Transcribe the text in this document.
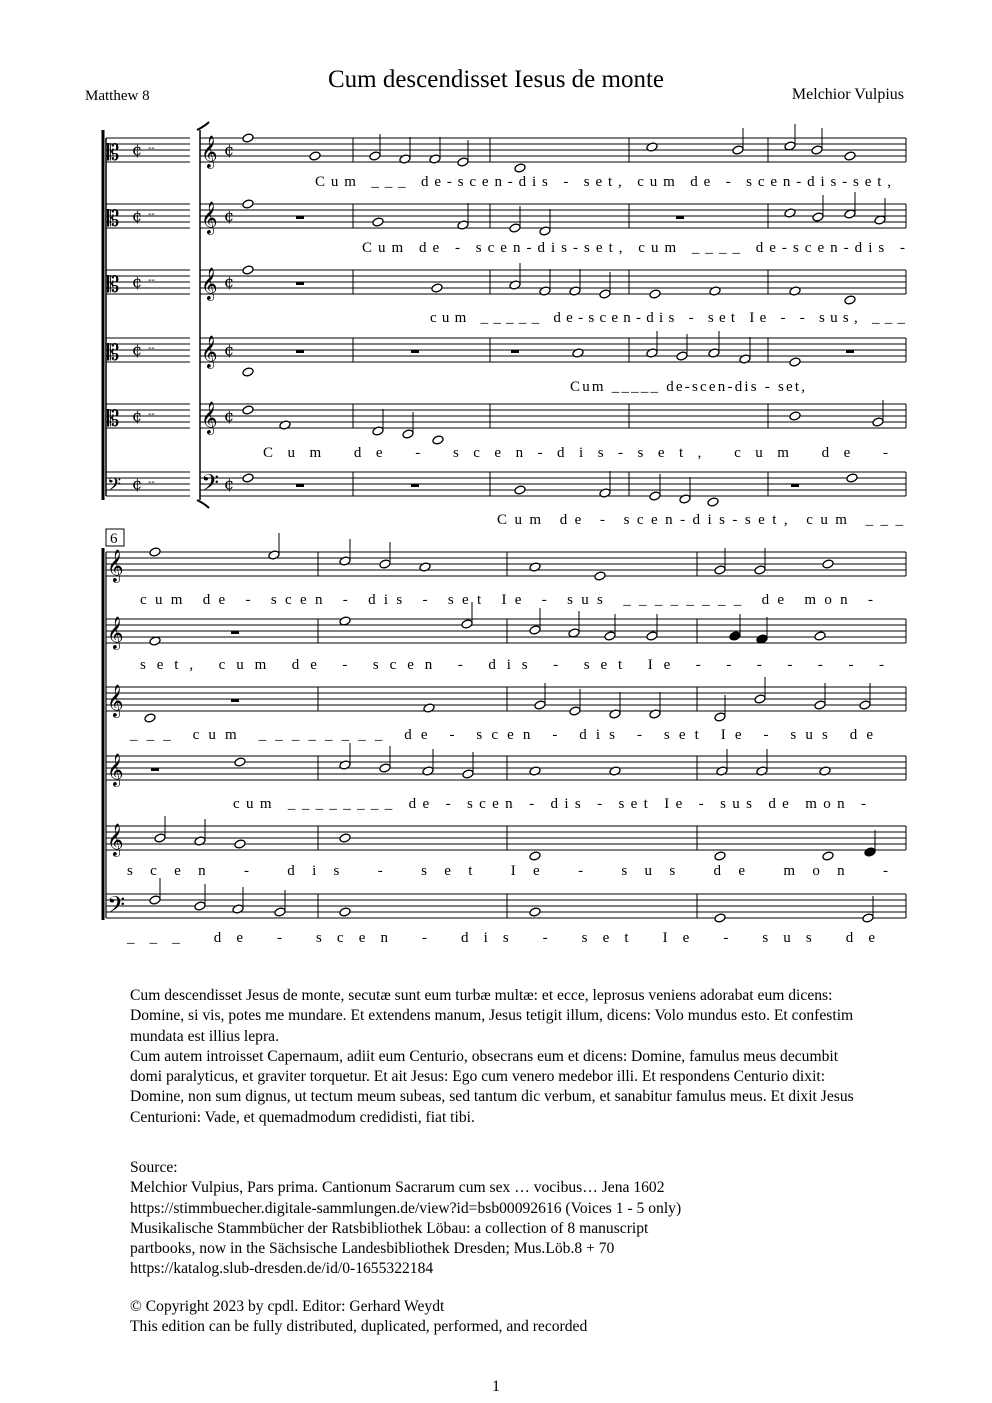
Cum descendisset Iesus de monte
Matthew 8	Melchior Vulpius
𝄡 ¢ ‐‐ 𝄞 ¢
𝄡 ¢ ‐‐ 𝄞 ¢
𝄡 ¢ ‐‐ 𝄞 ¢
𝄡 ¢ ‐‐ 𝄞 ¢
𝄡 ¢ ‐‐ 𝄞 ¢
𝄢 ¢ ‐‐ 𝄢 ¢
𝄞
𝄞
𝄞
𝄞
𝄞
𝄢
Cum ___ de-scen-dis - set, cum de - scen-dis-set,
Cum de - scen-dis-set, cum ____ de-scen-dis -
cum _____ de-scen-dis - set Ie - - sus, ___
Cum _____ de-scen-dis - set,
Cum de - scen-dis-set, cum de -
Cum de - scen-dis-set, cum ___
cum de - scen - dis - set Ie - sus ________ de mon -
set, cum de - scen - dis - set Ie - - - - - - -
___ cum ________ de - scen - dis - set Ie - sus de
cum ________ de - scen - dis - set Ie - sus de mon -
scen - dis - set Ie - sus de mon -
___ de - scen - dis - set Ie - sus de
6

Cum descendisset Jesus de monte, secutæ sunt eum turbæ multæ: et ecce, leprosus veniens adorabat eum dicens: Domine, si vis, potes me mundare. Et extendens manum, Jesus tetigit illum, dicens: Volo mundus esto. Et confestim mundata est illius lepra.

Cum autem introisset Capernaum, adiit eum Centurio, obsecrans eum et dicens: Domine, famulus meus decumbit domi paralyticus, et graviter torquetur. Et ait Jesus: Ego cum venero medebor illi. Et respondens Centurio dixit: Domine, non sum dignus, ut tectum meum subeas, sed tantum dic verbum, et sanabitur famulus meus. Et dixit Jesus Centurioni: Vade, et quemadmodum credidisti, fiat tibi.

Source:
Melchior Vulpius, Pars prima. Cantionum Sacrarum cum sex … vocibus… Jena 1602
https://stimmbuecher.digitale-sammlungen.de/view?id=bsb00092616 (Voices 1 - 5 only)
Musikalische Stammbücher der Ratsbibliothek Löbau: a collection of 8 manuscript
partbooks, now in the Sächsische Landesbibliothek Dresden; Mus.Löb.8 + 70
https://katalog.slub-dresden.de/id/0-1655322184
© Copyright 2023 by cpdl. Editor: Gerhard Weydt
This edition can be fully distributed, duplicated, performed, and recorded
1
